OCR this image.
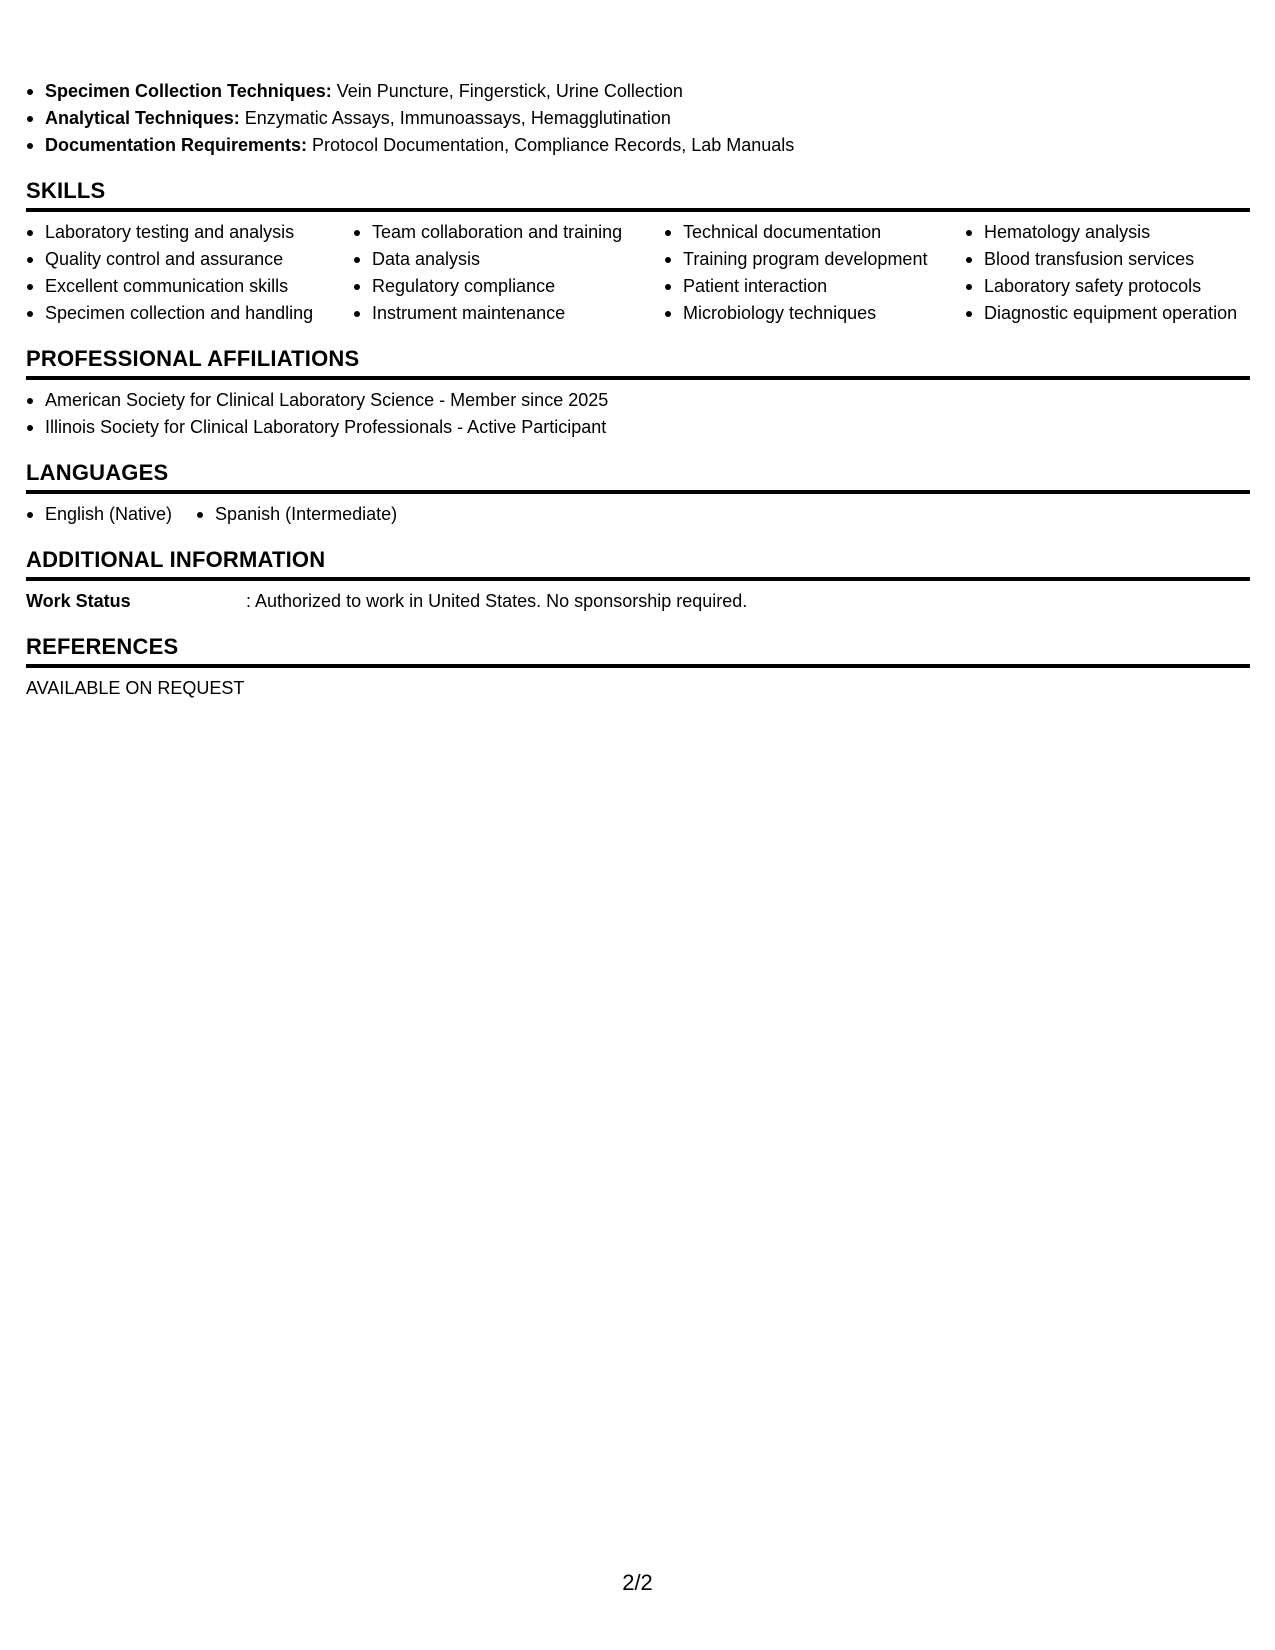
Specimen Collection Techniques: Vein Puncture, Fingerstick, Urine Collection
Analytical Techniques: Enzymatic Assays, Immunoassays, Hemagglutination
Documentation Requirements: Protocol Documentation, Compliance Records, Lab Manuals
SKILLS
Laboratory testing and analysis
Quality control and assurance
Excellent communication skills
Specimen collection and handling
Team collaboration and training
Data analysis
Regulatory compliance
Instrument maintenance
Technical documentation
Training program development
Patient interaction
Microbiology techniques
Hematology analysis
Blood transfusion services
Laboratory safety protocols
Diagnostic equipment operation
PROFESSIONAL AFFILIATIONS
American Society for Clinical Laboratory Science - Member since 2025
Illinois Society for Clinical Laboratory Professionals - Active Participant
LANGUAGES
English (Native)	Spanish (Intermediate)
ADDITIONAL INFORMATION
Work Status	: Authorized to work in United States. No sponsorship required.
REFERENCES
AVAILABLE ON REQUEST
2/2
